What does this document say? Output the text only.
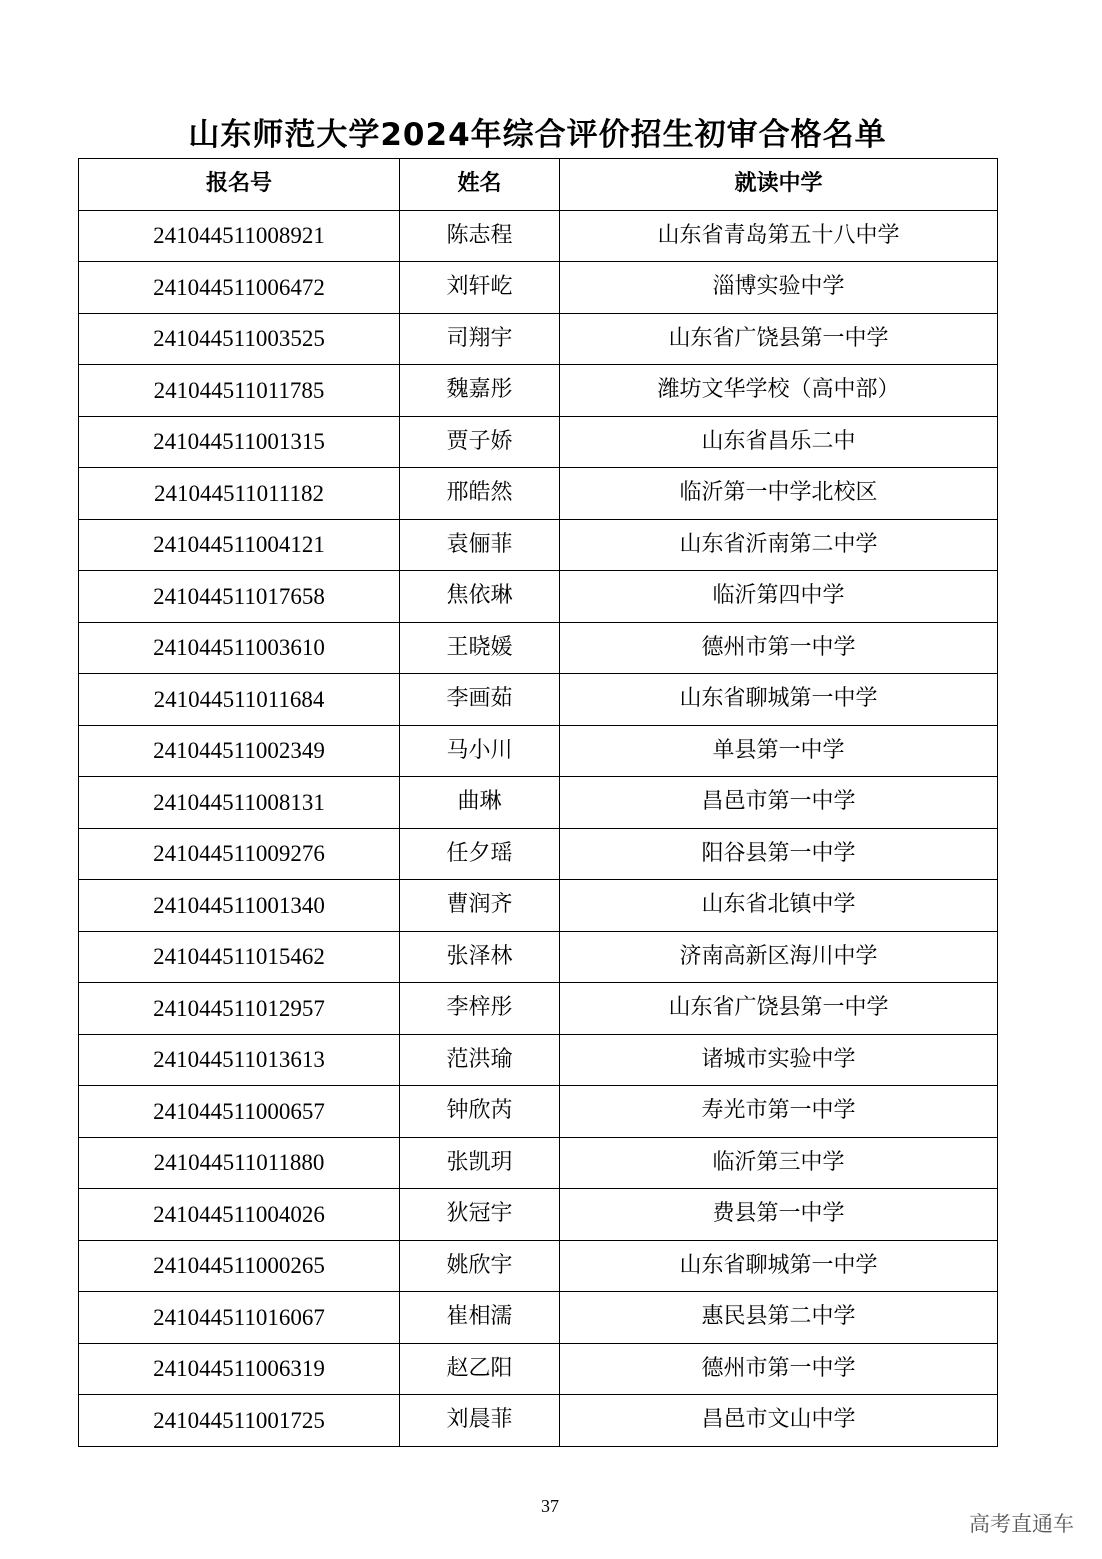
山东师范大学2024年综合评价招生初审合格名单
报名号	姓名	就读中学
241044511008921	陈志程	山东省青岛第五十八中学
241044511006472	刘轩屹	淄博实验中学
241044511003525	司翔宇	山东省广饶县第一中学
241044511011785	魏嘉彤	潍坊文华学校（高中部）
241044511001315	贾子娇	山东省昌乐二中
241044511011182	邢皓然	临沂第一中学北校区
241044511004121	袁俪菲	山东省沂南第二中学
241044511017658	焦依琳	临沂第四中学
241044511003610	王晓媛	德州市第一中学
241044511011684	李画茹	山东省聊城第一中学
241044511002349	马小川	单县第一中学
241044511008131	曲琳	昌邑市第一中学
241044511009276	任夕瑶	阳谷县第一中学
241044511001340	曹润齐	山东省北镇中学
241044511015462	张泽林	济南高新区海川中学
241044511012957	李梓彤	山东省广饶县第一中学
241044511013613	范洪瑜	诸城市实验中学
241044511000657	钟欣芮	寿光市第一中学
241044511011880	张凯玥	临沂第三中学
241044511004026	狄冠宇	费县第一中学
241044511000265	姚欣宇	山东省聊城第一中学
241044511016067	崔相濡	惠民县第二中学
241044511006319	赵乙阳	德州市第一中学
241044511001725	刘晨菲	昌邑市文山中学
37
高考直通车
